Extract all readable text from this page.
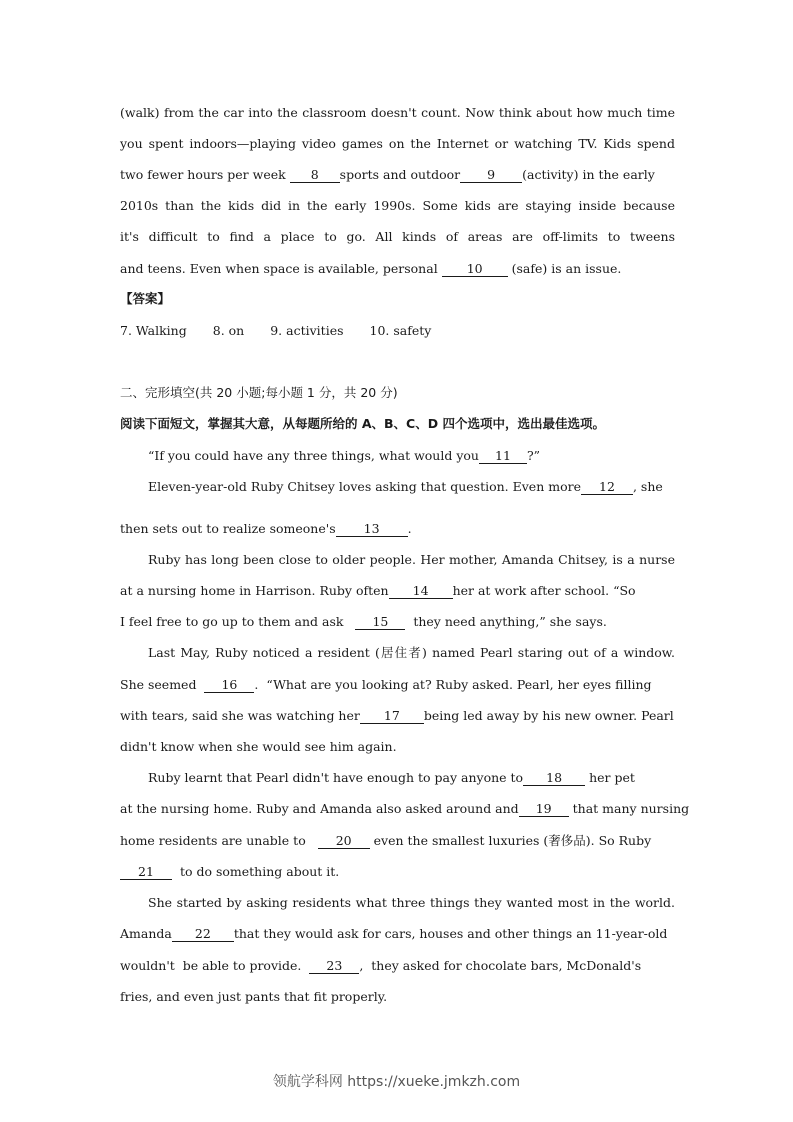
(walk) from the car into the classroom doesn't count. Now think about how much time
you spent indoors—playing video games on the Internet or watching TV. Kids spend
two fewer hours per week 8 sports and outdoor 9 (activity) in the early
2010s than the kids did in the early 1990s. Some kids are staying inside because
it's difficult to find a place to go. All kinds of areas are off-limits to tweens
and teens. Even when space is available, personal 10 (safe) is an issue.
【答案】
7. Walking 8. on 9. activities 10. safety
二、完形填空(共 20 小题;每小题 1 分，共 20 分)
阅读下面短文，掌握其大意，从每题所给的 A、B、C、D 四个选项中，选出最佳选项。
“If you could have any three things, what would you 11 ?”
Eleven-year-old Ruby Chitsey loves asking that question. Even more 12 , she
then sets out to realize someone's 13 .
Ruby has long been close to older people. Her mother, Amanda Chitsey, is a nurse
at a nursing home in Harrison. Ruby often 14 her at work after school. “So
I feel free to go up to them and ask   15  they need anything,” she says.
Last May, Ruby noticed a resident (居住者) named Pearl staring out of a window.
She seemed  16 .  “What are you looking at? Ruby asked. Pearl, her eyes filling
with tears, said she was watching her 17 being led away by his new owner. Pearl
didn't know when she would see him again.
Ruby learnt that Pearl didn't have enough to pay anyone to 18 her pet
at the nursing home. Ruby and Amanda also asked around and 19 that many nursing
home residents are unable to   20 even the smallest luxuries (奢侈品). So Ruby
21  to do something about it.
She started by asking residents what three things they wanted most in the world.
Amanda 22 that they would ask for cars, houses and other things an 11-year-old
wouldn't  be able to provide.  23 ,  they asked for chocolate bars, McDonald's
fries, and even just pants that fit properly.
领航学科网 https://xueke.jmkzh.com
